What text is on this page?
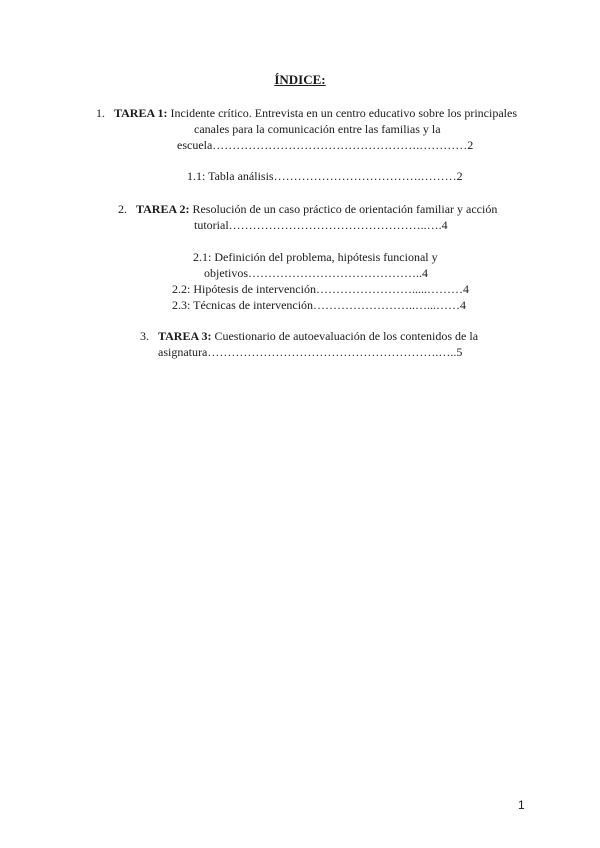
ÍNDICE:
1. TAREA 1: Incidente crítico. Entrevista en un centro educativo sobre los principales
canales para la comunicación entre las familias y la
escuela…………………………………………….…………2
1.1: Tabla análisis……………………………….………2
2. TAREA 2: Resolución de un caso práctico de orientación familiar y acción
tutorial…………………………………………..….4
2.1: Definición del problema, hipótesis funcional y
objetivos……………………………………..4
2.2: Hipótesis de intervención…………………….....………4
2.3: Técnicas de intervención……………………..…...……4
3. TAREA 3: Cuestionario de autoevaluación de los contenidos de la
asignatura………………………………………………….…..5
1
